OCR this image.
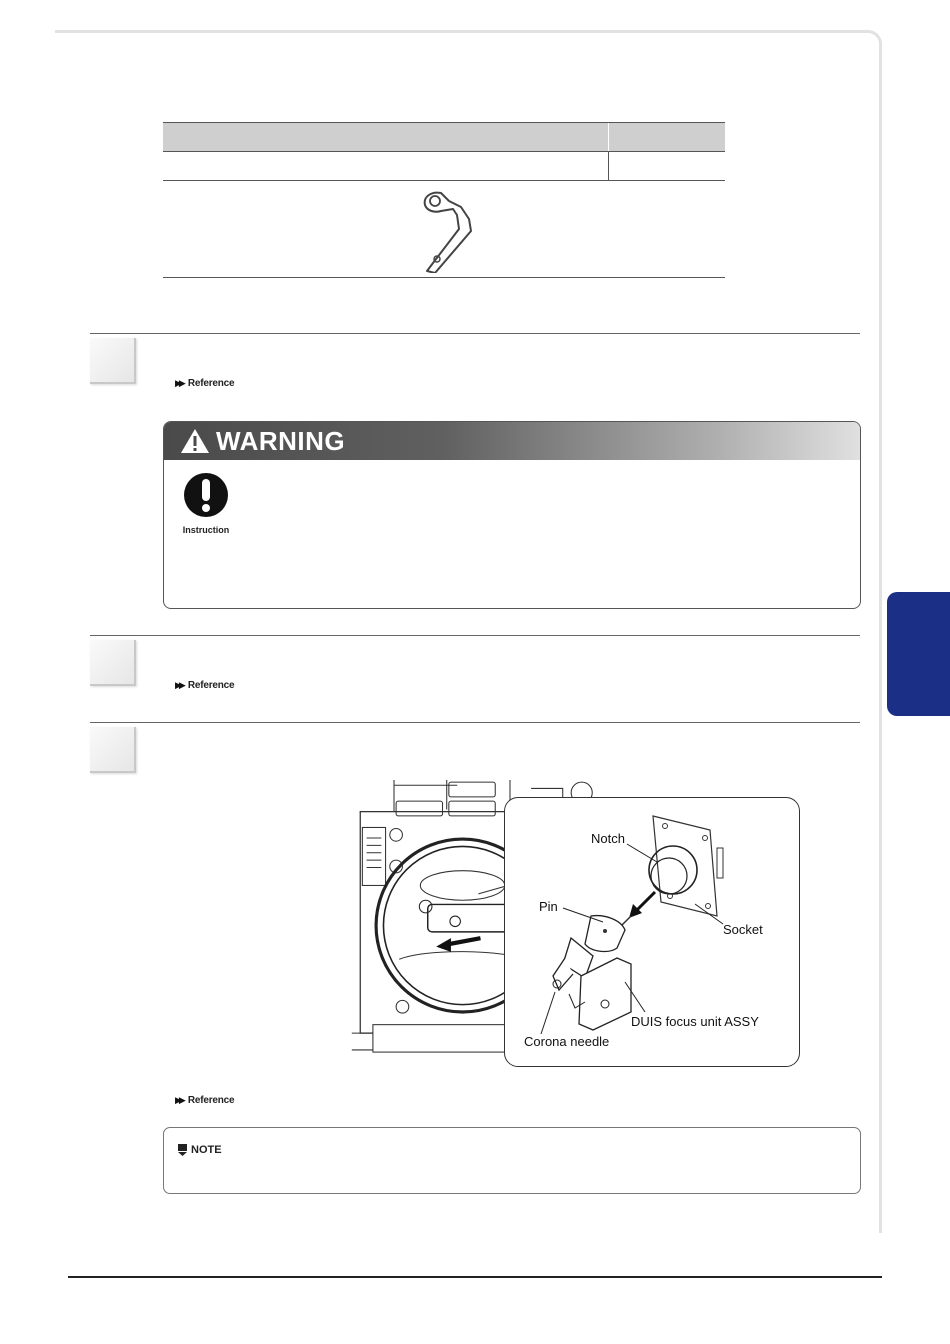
▶▶ Reference
WARNING
Instruction
▶▶ Reference
Notch
Pin
Socket
DUIS focus unit ASSY
Corona needle
▶▶ Reference
NOTE
